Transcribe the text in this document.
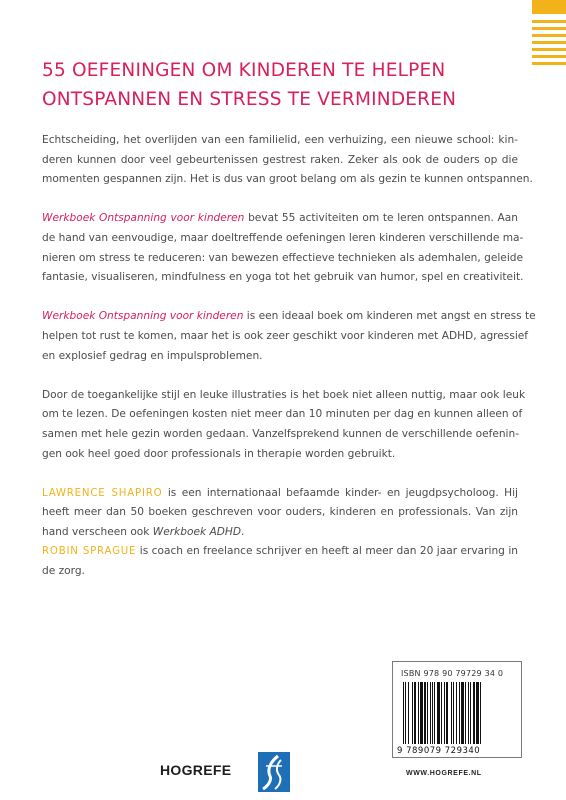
55 OEFENINGEN OM KINDEREN TE HELPEN
ONTSPANNEN EN STRESS TE VERMINDEREN

Echtscheiding, het overlijden van een familielid, een verhuizing, een nieuwe school: kin-
deren kunnen door veel gebeurtenissen gestrest raken. Zeker als ook de ouders op die
momenten gespannen zijn. Het is dus van groot belang om als gezin te kunnen ontspannen.

Werkboek Ontspanning voor kinderen bevat 55 activiteiten om te leren ontspannen. Aan
de hand van eenvoudige, maar doeltreffende oefeningen leren kinderen verschillende ma-
nieren om stress te reduceren: van bewezen effectieve technieken als ademhalen, geleide
fantasie, visualiseren, mindfulness en yoga tot het gebruik van humor, spel en creativiteit.

Werkboek Ontspanning voor kinderen is een ideaal boek om kinderen met angst en stress te
helpen tot rust te komen, maar het is ook zeer geschikt voor kinderen met ADHD, agressief
en explosief gedrag en impulsproblemen.

Door de toegankelijke stijl en leuke illustraties is het boek niet alleen nuttig, maar ook leuk
om te lezen. De oefeningen kosten niet meer dan 10 minuten per dag en kunnen alleen of
samen met hele gezin worden gedaan. Vanzelfsprekend kunnen de verschillende oefenin-
gen ook heel goed door professionals in therapie worden gebruikt.

LAWRENCE SHAPIRO is een internationaal befaamde kinder- en jeugdpsycholoog. Hij
heeft meer dan 50 boeken geschreven voor ouders, kinderen en professionals. Van zijn
hand verscheen ook Werkboek ADHD.
ROBIN SPRAGUE is coach en freelance schrijver en heeft al meer dan 20 jaar ervaring in
de zorg.

ISBN 978 90 79729 34 0
9 789079 729340
HOGREFE	WWW.HOGREFE.NL
